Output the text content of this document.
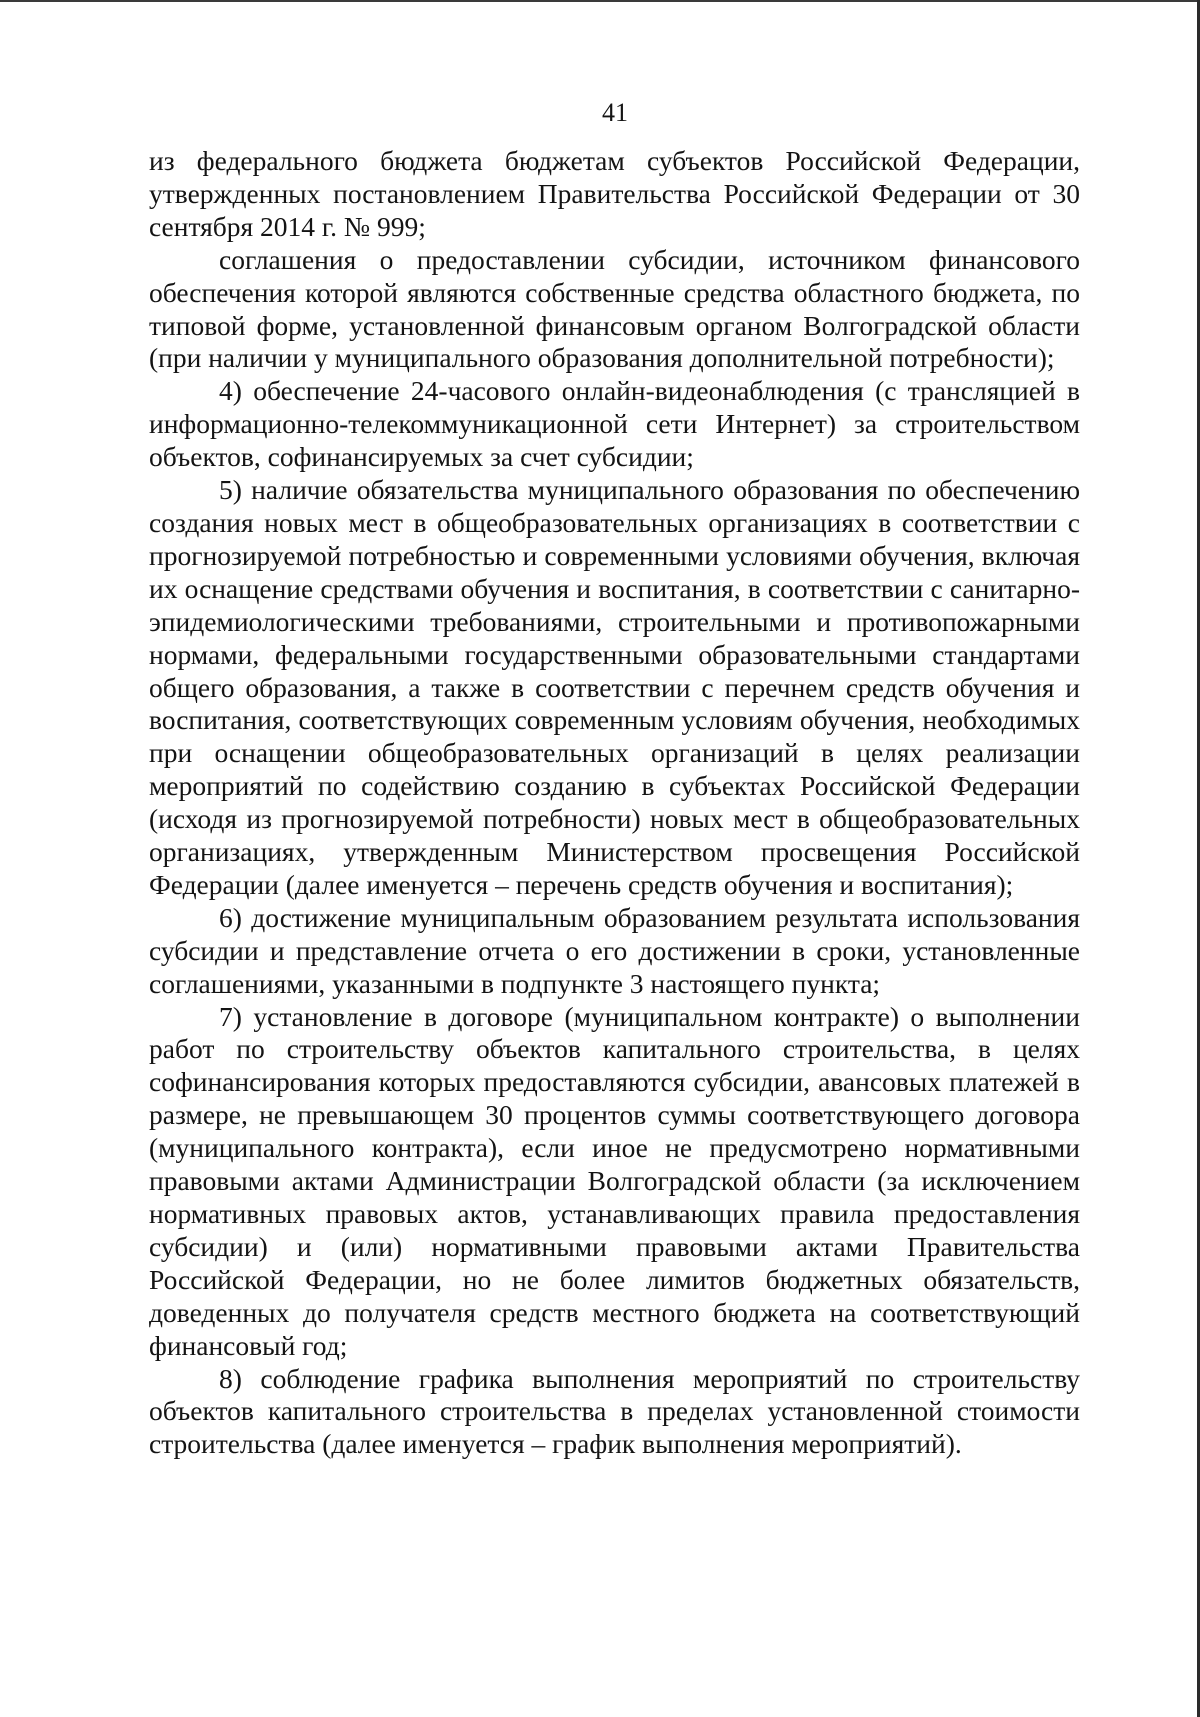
41

из федерального бюджета бюджетам субъектов Российской Федерации, утвержденных постановлением Правительства Российской Федерации от 30 сентября 2014 г. № 999;

соглашения о предоставлении субсидии, источником финансового обеспечения которой являются собственные средства областного бюджета, по типовой форме, установленной финансовым органом Волгоградской области (при наличии у муниципального образования дополнительной потребности);

4) обеспечение 24-часового онлайн-видеонаблюдения (с трансляцией в информационно-телекоммуникационной сети Интернет) за строительством объектов, софинансируемых за счет субсидии;

5) наличие обязательства муниципального образования по обеспечению создания новых мест в общеобразовательных организациях в соответствии с прогнозируемой потребностью и современными условиями обучения, включая их оснащение средствами обучения и воспитания, в соответствии с санитарно-эпидемиологическими требованиями, строительными и противопожарными нормами, федеральными государственными образовательными стандартами общего образования, а также в соответствии с перечнем средств обучения и воспитания, соответствующих современным условиям обучения, необходимых при оснащении общеобразовательных организаций в целях реализации мероприятий по содействию созданию в субъектах Российской Федерации (исходя из прогнозируемой потребности) новых мест в общеобразовательных организациях, утвержденным Министерством просвещения Российской Федерации (далее именуется – перечень средств обучения и воспитания);

6) достижение муниципальным образованием результата использования субсидии и представление отчета о его достижении в сроки, установленные соглашениями, указанными в подпункте 3 настоящего пункта;

7) установление в договоре (муниципальном контракте) о выполнении работ по строительству объектов капитального строительства, в целях софинансирования которых предоставляются субсидии, авансовых платежей в размере, не превышающем 30 процентов суммы соответствующего договора (муниципального контракта), если иное не предусмотрено нормативными правовыми актами Администрации Волгоградской области (за исключением нормативных правовых актов, устанавливающих правила предоставления субсидии) и (или) нормативными правовыми актами Правительства Российской Федерации, но не более лимитов бюджетных обязательств, доведенных до получателя средств местного бюджета на соответствующий финансовый год;

8) соблюдение графика выполнения мероприятий по строительству объектов капитального строительства в пределах установленной стоимости строительства (далее именуется – график выполнения мероприятий).
